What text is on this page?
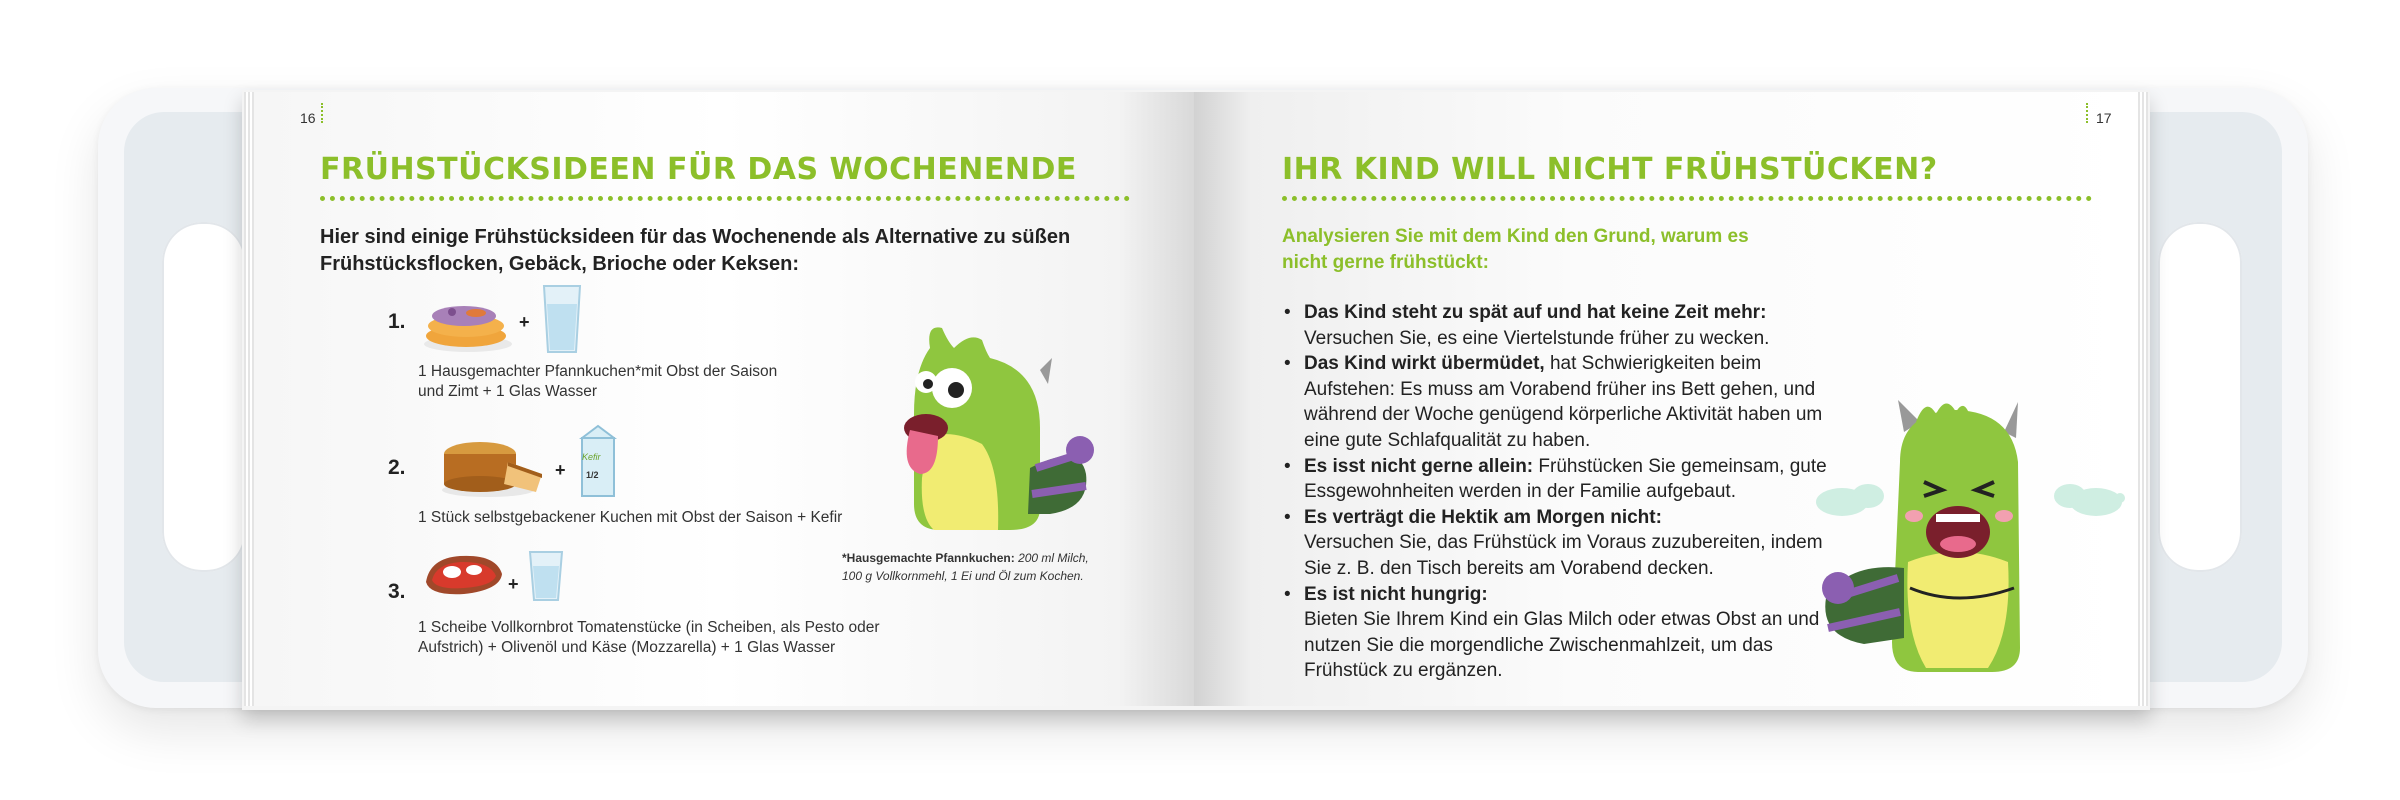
16
FRÜHSTÜCKSIDEEN FÜR DAS WOCHENENDE
Hier sind einige Frühstücksideen für das Wochenende als Alternative zu süßen Frühstücksflocken, Gebäck, Brioche oder Keksen:
1.	+
1 Hausgemachter Pfannkuchen*mit Obst der Saison
und Zimt + 1 Glas Wasser
2.	+
Kefir
1/2
1 Stück selbstgebackener Kuchen mit Obst der Saison + Kefir
3.	+
1 Scheibe Vollkornbrot Tomatenstücke (in Scheiben, als Pesto oder
Aufstrich) + Olivenöl und Käse (Mozzarella) + 1 Glas Wasser
*Hausgemachte Pfannkuchen: 200 ml Milch,
100 g Vollkornmehl, 1 Ei und Öl zum Kochen.
17
IHR KIND WILL NICHT FRÜHSTÜCKEN?
Analysieren Sie mit dem Kind den Grund, warum es
nicht gerne frühstückt:
• Das Kind steht zu spät auf und hat keine Zeit mehr:
Versuchen Sie, es eine Viertelstunde früher zu wecken.
• Das Kind wirkt übermüdet, hat Schwierigkeiten beim Aufstehen: Es muss am Vorabend früher ins Bett gehen, und während der Woche genügend körperliche Aktivität haben um eine gute Schlafqualität zu haben.
• Es isst nicht gerne allein: Frühstücken Sie gemeinsam, gute Essgewohnheiten werden in der Familie aufgebaut.
• Es verträgt die Hektik am Morgen nicht:
Versuchen Sie, das Frühstück im Voraus zuzubereiten, indem Sie z. B. den Tisch bereits am Vorabend decken.
• Es ist nicht hungrig:
Bieten Sie Ihrem Kind ein Glas Milch oder etwas Obst an und nutzen Sie die morgendliche Zwischenmahlzeit, um das Frühstück zu ergänzen.
